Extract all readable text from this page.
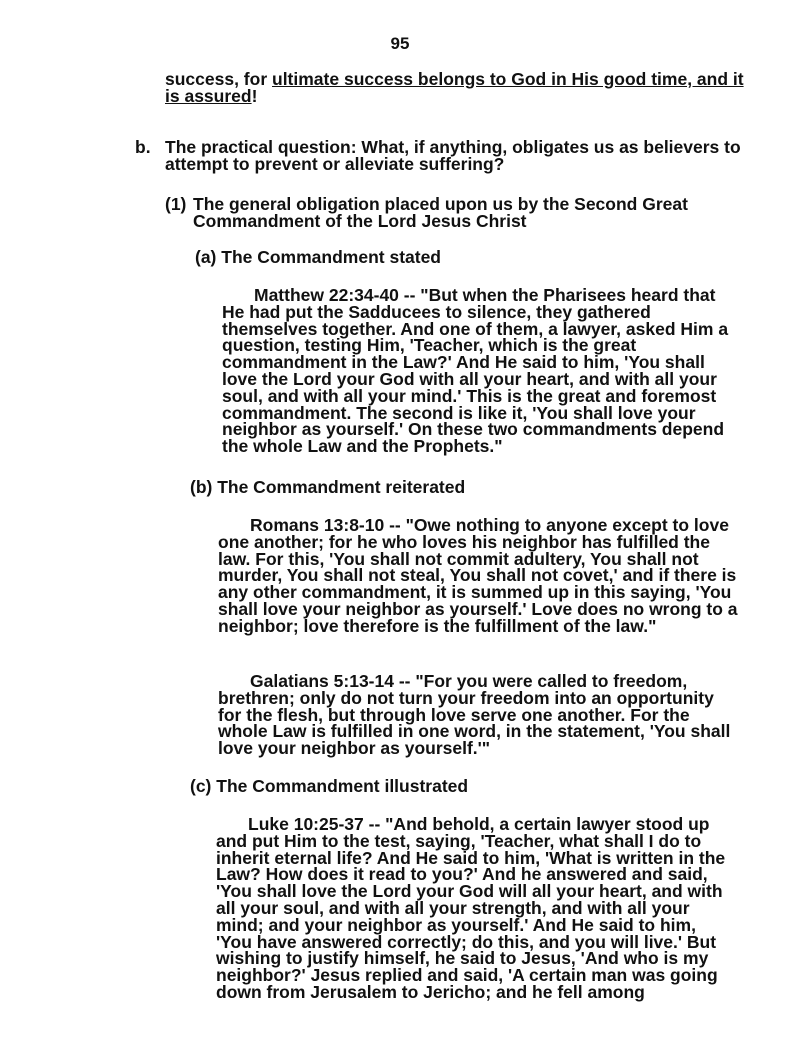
95

success, for ultimate success belongs to God in His good time, and it is assured!

b. The practical question: What, if anything, obligates us as believers to attempt to prevent or alleviate suffering?
(1) The general obligation placed upon us by the Second Great Commandment of the Lord Jesus Christ
(a) The Commandment stated

Matthew 22:34-40 -- "But when the Pharisees heard that He had put the Sadducees to silence, they gathered themselves together. And one of them, a lawyer, asked Him a question, testing Him, 'Teacher, which is the great commandment in the Law?' And He said to him, 'You shall love the Lord your God with all your heart, and with all your soul, and with all your mind.' This is the great and foremost commandment. The second is like it, 'You shall love your neighbor as yourself.' On these two commandments depend the whole Law and the Prophets."

(b) The Commandment reiterated

Romans 13:8-10 -- "Owe nothing to anyone except to love one another; for he who loves his neighbor has fulfilled the law. For this, 'You shall not commit adultery, You shall not murder, You shall not steal, You shall not covet,' and if there is any other commandment, it is summed up in this saying, 'You shall love your neighbor as yourself.' Love does no wrong to a neighbor; love therefore is the fulfillment of the law."

Galatians 5:13-14 -- "For you were called to freedom, brethren; only do not turn your freedom into an opportunity for the flesh, but through love serve one another. For the whole Law is fulfilled in one word, in the statement, 'You shall love your neighbor as yourself.'"

(c) The Commandment illustrated

Luke 10:25-37 -- "And behold, a certain lawyer stood up and put Him to the test, saying, 'Teacher, what shall I do to inherit eternal life? And He said to him, 'What is written in the Law? How does it read to you?' And he answered and said, 'You shall love the Lord your God will all your heart, and with all your soul, and with all your strength, and with all your mind; and your neighbor as yourself.' And He said to him, 'You have answered correctly; do this, and you will live.' But wishing to justify himself, he said to Jesus, 'And who is my neighbor?' Jesus replied and said, 'A certain man was going down from Jerusalem to Jericho; and he fell among
